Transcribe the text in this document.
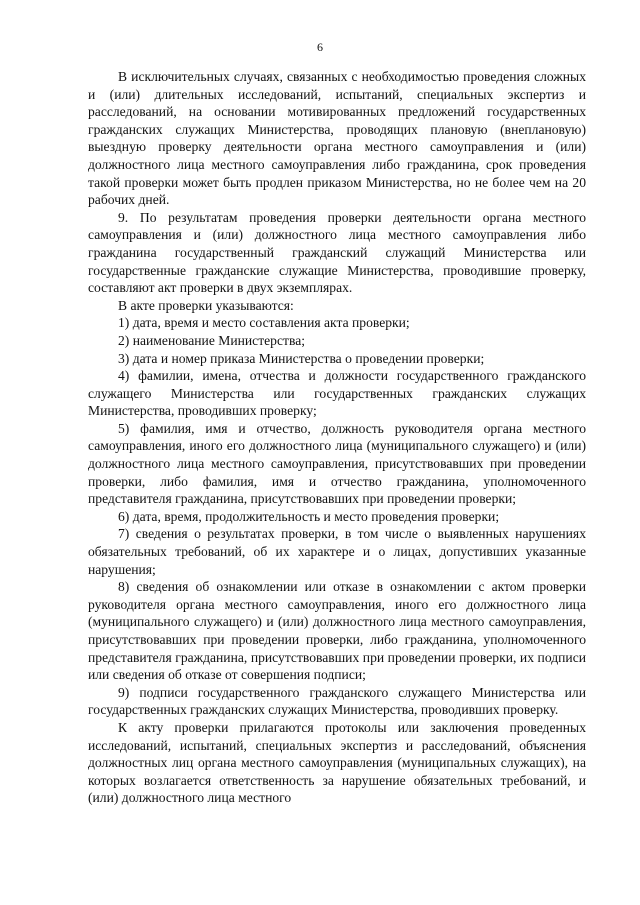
6

В исключительных случаях, связанных с необходимостью проведения сложных и (или) длительных исследований, испытаний, специальных экспертиз и расследований, на основании мотивированных предложений государственных гражданских служащих Министерства, проводящих плановую (внеплановую) выездную проверку деятельности органа местного самоуправления и (или) должностного лица местного самоуправления либо гражданина, срок проведения такой проверки может быть продлен приказом Министерства, но не более чем на 20 рабочих дней.

9. По результатам проведения проверки деятельности органа местного самоуправления и (или) должностного лица местного самоуправления либо гражданина государственный гражданский служащий Министерства или государственные гражданские служащие Министерства, проводившие проверку, составляют акт проверки в двух экземплярах.

В акте проверки указываются:

1) дата, время и место составления акта проверки;

2) наименование Министерства;

3) дата и номер приказа Министерства о проведении проверки;

4) фамилии, имена, отчества и должности государственного гражданского служащего Министерства или государственных гражданских служащих Министерства, проводивших проверку;

5) фамилия, имя и отчество, должность руководителя органа местного самоуправления, иного его должностного лица (муниципального служащего) и (или) должностного лица местного самоуправления, присутствовавших при проведении проверки, либо фамилия, имя и отчество гражданина, уполномоченного представителя гражданина, присутствовавших при проведении проверки;

6) дата, время, продолжительность и место проведения проверки;

7) сведения о результатах проверки, в том числе о выявленных нарушениях обязательных требований, об их характере и о лицах, допустивших указанные нарушения;

8) сведения об ознакомлении или отказе в ознакомлении с актом проверки руководителя органа местного самоуправления, иного его должностного лица (муниципального служащего) и (или) должностного лица местного самоуправления, присутствовавших при проведении проверки, либо гражданина, уполномоченного представителя гражданина, присутствовавших при проведении проверки, их подписи или сведения об отказе от совершения подписи;

9) подписи государственного гражданского служащего Министерства или государственных гражданских служащих Министерства, проводивших проверку.

К акту проверки прилагаются протоколы или заключения проведенных исследований, испытаний, специальных экспертиз и расследований, объяснения должностных лиц органа местного самоуправления (муниципальных служащих), на которых возлагается ответственность за нарушение обязательных требований, и (или) должностного лица местного
